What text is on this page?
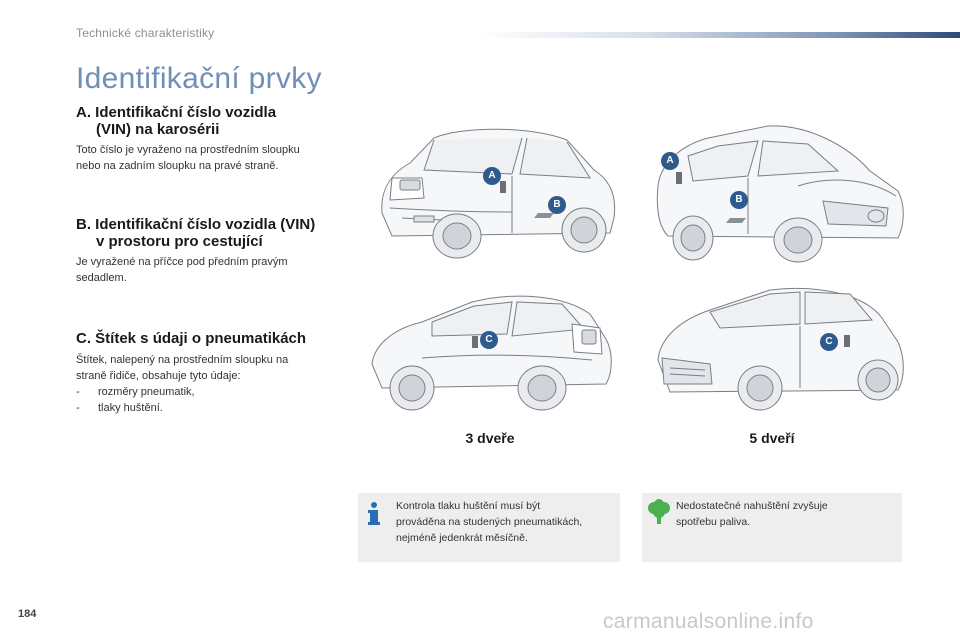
Technické charakteristiky
Identifikační prvky
A. Identifikační číslo vozidla
(VIN) na karosérii
Toto číslo je vyraženo na prostředním sloupku
nebo na zadním sloupku na pravé straně.
B. Identifikační číslo vozidla (VIN)
v prostoru pro cestující
Je vyražené na příčce pod předním pravým
sedadlem.
C. Štítek s údaji o pneumatikách
Štítek, nalepený na prostředním sloupku na
straně řidiče, obsahuje tyto údaje:
- rozměry pneumatik,
- tlaky huštění.
A
B
A
B
C	C
3 dveře	5 dveří
Kontrola tlaku huštění musí být
prováděna na studených pneumatikách,
nejméně jedenkrát měsíčně.
Nedostatečné nahuštění zvyšuje
spotřebu paliva.
184	carmanualsonline.info
